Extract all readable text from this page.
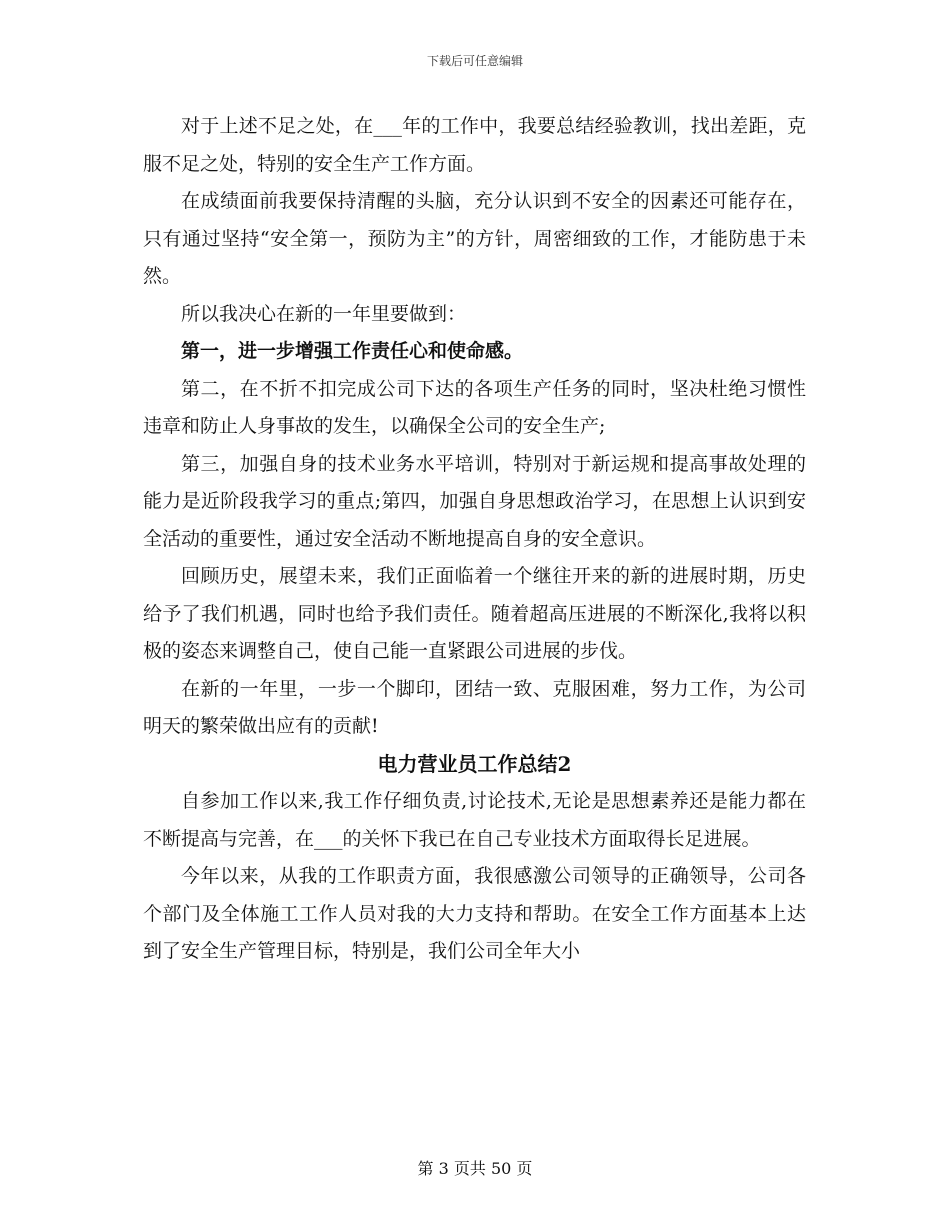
下载后可任意编辑

对于上述不足之处，在___年的工作中，我要总结经验教训，找出差距，克服不足之处，特别的安全生产工作方面。

在成绩面前我要保持清醒的头脑，充分认识到不安全的因素还可能存在，只有通过坚持“安全第一，预防为主”的方针，周密细致的工作，才能防患于未然。

所以我决心在新的一年里要做到：

第一，进一步增强工作责任心和使命感。

第二，在不折不扣完成公司下达的各项生产任务的同时，坚决杜绝习惯性违章和防止人身事故的发生，以确保全公司的安全生产;

第三，加强自身的技术业务水平培训，特别对于新运规和提高事故处理的能力是近阶段我学习的重点;第四，加强自身思想政治学习，在思想上认识到安全活动的重要性，通过安全活动不断地提高自身的安全意识。

回顾历史，展望未来，我们正面临着一个继往开来的新的进展时期，历史给予了我们机遇，同时也给予我们责任。随着超高压进展的不断深化,我将以积极的姿态来调整自己，使自己能一直紧跟公司进展的步伐。

在新的一年里，一步一个脚印，团结一致、克服困难，努力工作，为公司明天的繁荣做出应有的贡献!

电力营业员工作总结2

自参加工作以来,我工作仔细负责,讨论技术,无论是思想素养还是能力都在不断提高与完善，在___的关怀下我已在自己专业技术方面取得长足进展。

今年以来，从我的工作职责方面，我很感激公司领导的正确领导，公司各个部门及全体施工工作人员对我的大力支持和帮助。在安全工作方面基本上达到了安全生产管理目标，特别是，我们公司全年大小

第 3 页共 50 页
